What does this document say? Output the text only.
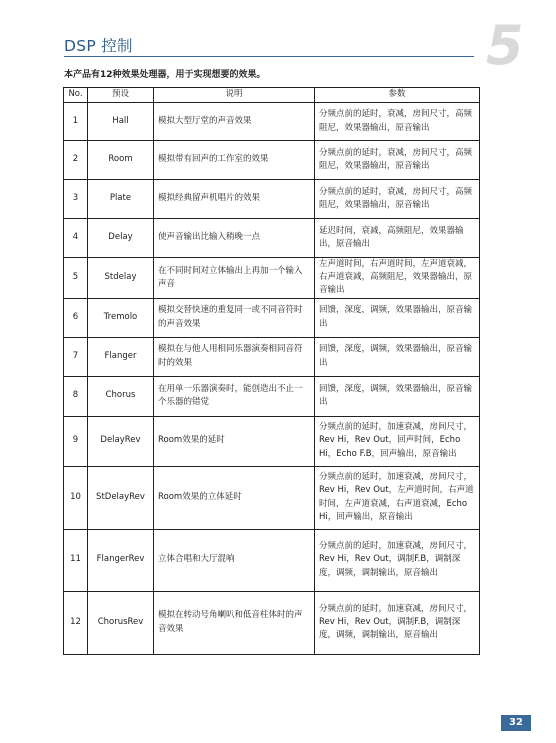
5
DSP 控制
本产品有12种效果处理器，用于实现想要的效果。
No.	预设	说明	参数
1	Hall	模拟大型厅堂的声音效果	分频点前的延时，衰减，房间尺寸，高频阻尼，效果器输出，原音输出
2	Room	模拟带有回声的工作室的效果	分频点前的延时，衰减，房间尺寸，高频阻尼，效果器输出，原音输出
3	Plate	模拟经典留声机唱片的效果	分频点前的延时，衰减，房间尺寸，高频阻尼，效果器输出，原音输出
4	Delay	使声音输出比输入稍晚一点	延迟时间，衰减，高频阻尼，效果器输出，原音输出
5	Stdelay	在不同时间对立体输出上再加一个输入声音	左声道时间，右声道时间，左声道衰减，右声道衰减，高频阻尼，效果器输出，原音输出
6	Tremolo	模拟交替快速的重复同一或不同音符时的声音效果	回馈，深度，调频，效果器输出，原音输出
7	Flanger	模拟在与他人用相同乐器演奏相同音符时的效果	回馈，深度，调频，效果器输出，原音输出
8	Chorus	在用单一乐器演奏时，能创造出不止一个乐器的错觉	回馈，深度，调频，效果器输出，原音输出
9	DelayRev	Room效果的延时	分频点前的延时，加速衰减，房间尺寸，Rev Hi，Rev Out，回声时间，Echo Hi，Echo F.B，回声输出，原音输出
10	StDelayRev	Room效果的立体延时	分频点前的延时，加速衰减，房间尺寸，Rev Hi，Rev Out，左声道时间，右声道时间，左声道衰减，右声道衰减，Echo Hi，回声输出，原音输出
11	FlangerRev	立体合唱和大厅混响	分频点前的延时，加速衰减，房间尺寸，Rev Hi，Rev Out，调制F.B，调制深度，调频，调制输出，原音输出
12	ChorusRev	模拟在转动号角喇叭和低音柱体时的声音效果	分频点前的延时，加速衰减，房间尺寸，Rev Hi，Rev Out，调制F.B，调制深度，调频，调制输出，原音输出
32
